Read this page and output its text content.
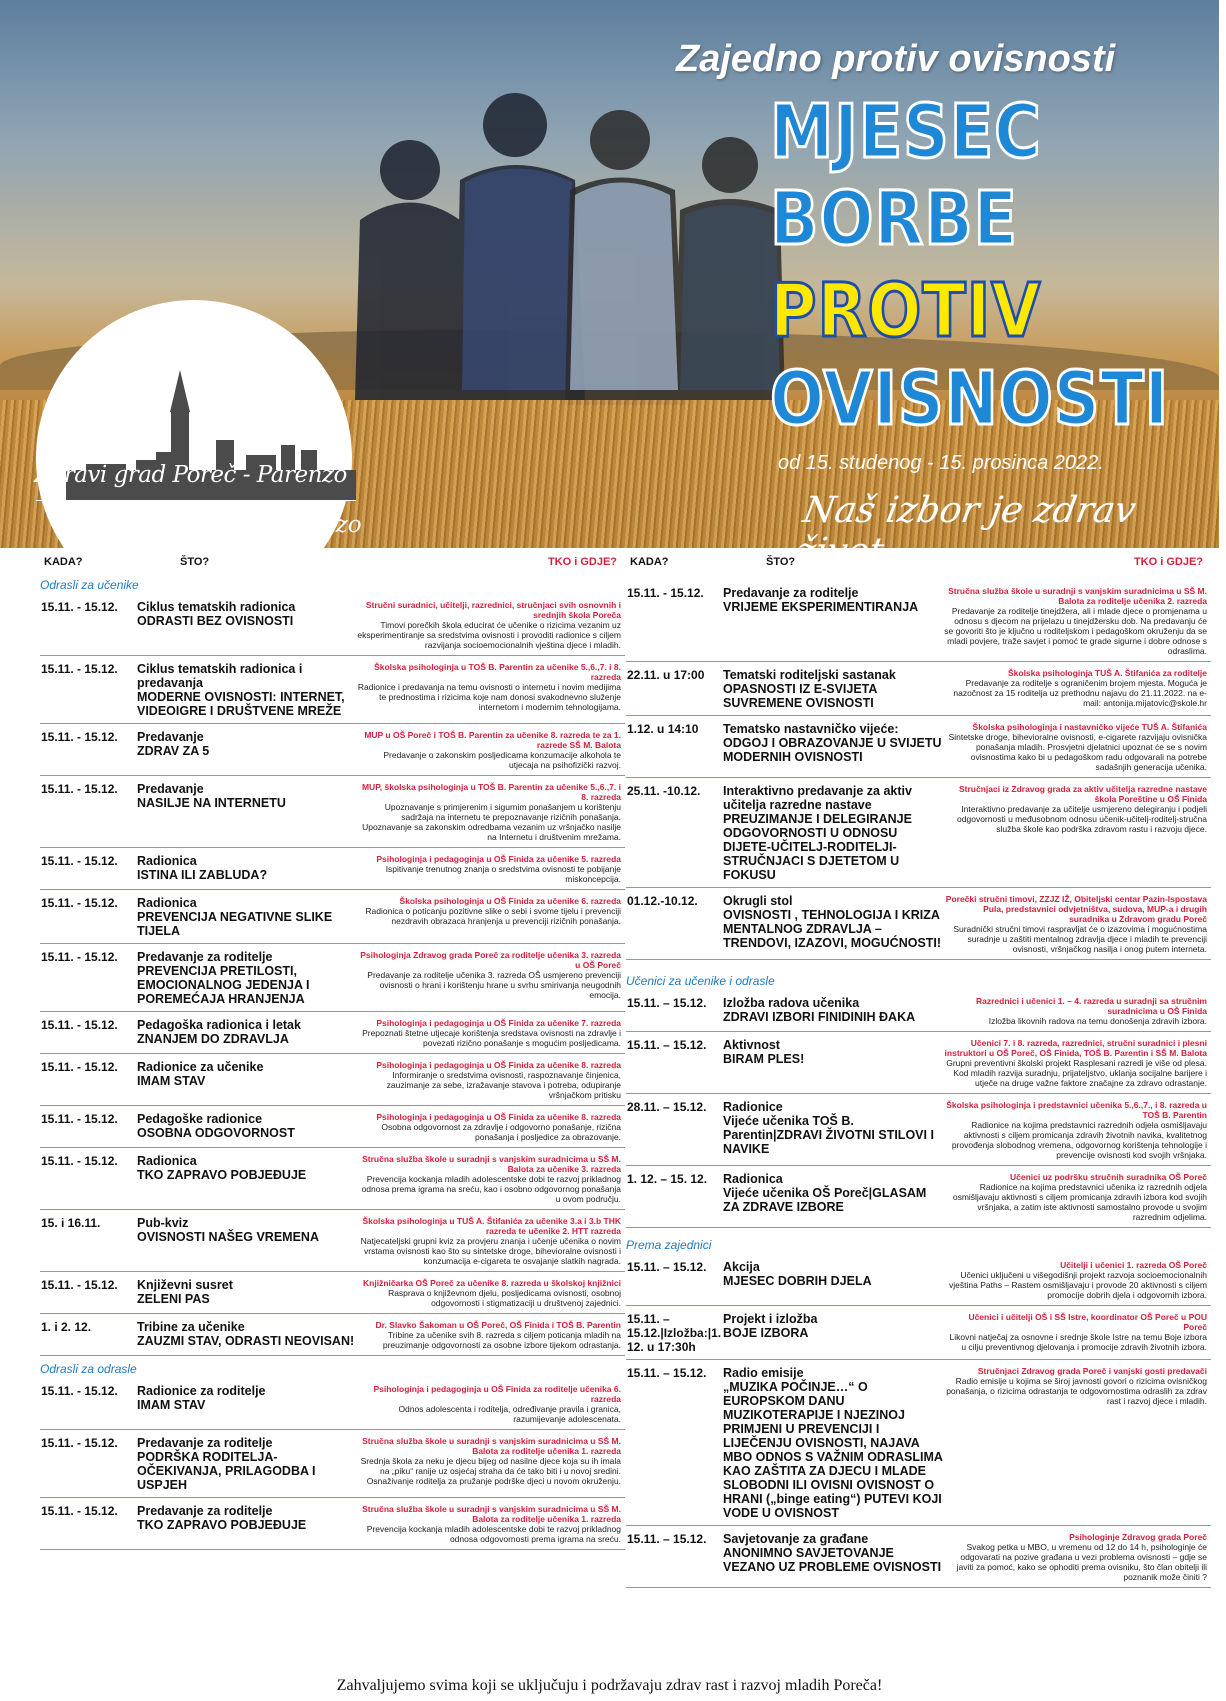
Zdravi grad Poreč - Parenzo
Città sana Poreč - Parenzo
Zajedno protiv ovisnosti
MJESEC
BORBE
PROTIV
OVISNOSTI
od 15. studenog - 15. prosinca 2022.
Naš izbor je zdrav život
KADA?	ŠTO?	TKO i GDJE?
Odrasli za učenike
15.11. - 15.12.	Ciklus tematskih radionica
ODRASTI BEZ OVISNOSTI
Stručni suradnici, učitelji, razrednici, stručnjaci svih osnovnih i srednjih škola Poreča
Timovi porečkih škola educirat će učenike o rizicima vezanim uz eksperimentiranje sa sredstvima ovisnosti i provoditi radionice s ciljem razvijanja socioemocionalnih vještina djece i mladih.
15.11. - 15.12.	Ciklus tematskih radionica i predavanja
MODERNE OVISNOSTI: INTERNET, VIDEOIGRE I DRUŠTVENE MREŽE
Školska psihologinja u TOŠ B. Parentin za učenike 5.,6.,7. i 8. razreda
Radionice i predavanja na temu ovisnosti o internetu i novim medijima te prednostima i rizicima koje nam donosi svakodnevno služenje internetom i modernim tehnologijama.
15.11. - 15.12.	Predavanje
ZDRAV ZA 5
MUP u OŠ Poreč i TOŠ B. Parentin za učenike 8. razreda te za 1. razrede SŠ M. Balota
Predavanje o zakonskim posljedicama konzumacije alkohola te utjecaja na psihofizički razvoj.
15.11. - 15.12.	Predavanje
NASILJE NA INTERNETU
MUP, školska psihologinja u TOŠ B. Parentin za učenike 5.,6.,7. i 8. razreda
Upoznavanje s primjerenim i sigurnim ponašanjem u korištenju sadržaja na internetu te prepoznavanje rizičnih ponašanja. Upoznavanje sa zakonskim odredbama vezanim uz vršnjačko nasilje na Internetu i društvenim mrežama.
15.11. - 15.12.	Radionica
ISTINA ILI ZABLUDA?
Psihologinja i pedagoginja u OŠ Finida za učenike 5. razreda
Ispitivanje trenutnog znanja o sredstvima ovisnosti te pobijanje miskoncepcija.
15.11. - 15.12.	Radionica
PREVENCIJA NEGATIVNE SLIKE TIJELA
Školska psihologinja u OŠ Finida za učenike 6. razreda
Radionica o poticanju pozitivne slike o sebi i svome tijelu i prevenciji nezdravih obrazaca hranjenja u prevenciji rizičnih ponašanja.
15.11. - 15.12.	Predavanje za roditelje
PREVENCIJA PRETILOSTI, EMOCIONALNOG JEDENJA I POREMEĆAJA HRANJENJA
Psihologinja Zdravog grada Poreč za roditelje učenika 3. razreda u OŠ Poreč
Predavanje za roditelje učenika 3. razreda OŠ usmjereno prevenciji ovisnosti o hrani i korištenju hrane u svrhu smirivanja neugodnih emocija.
15.11. - 15.12.	Pedagoška radionica i letak
ZNANJEM DO ZDRAVLJA
Psihologinja i pedagoginja u OŠ Finida za učenike 7. razreda
Prepoznati štetne utjecaje korištenja sredstava ovisnosti na zdravlje i povezati rizično ponašanje s mogućim posljedicama.
15.11. - 15.12.	Radionice za učenike
IMAM STAV
Psihologinja i pedagoginja u OŠ Finida za učenike 8. razreda
Informiranje o sredstvima ovisnosti, raspoznavanje činjenica, zauzimanje za sebe, izražavanje stavova i potreba, odupiranje vršnjačkom pritisku
15.11. - 15.12.	Pedagoške radionice
OSOBNA ODGOVORNOST
Psihologinja i pedagoginja u OŠ Finida za učenike 8. razreda
Osobna odgovornost za zdravlje i odgovorno ponašanje, rizična ponašanja i posljedice za obrazovanje.
15.11. - 15.12.	Radionica
TKO ZAPRAVO POBJEĐUJE
Stručna služba škole u suradnji s vanjskim suradnicima u SŠ M. Balota za učenike 3. razreda
Prevencija kockanja mladih adolescentske dobi te razvoj prikladnog odnosa prema igrama na sreću, kao i osobno odgovornog ponašanja u ovom području.
15. i 16.11.	Pub-kviz
OVISNOSTI NAŠEG VREMENA
Školska psihologinja u TUŠ A. Štifanića za učenike 3.a i 3.b THK razreda te učenike 2. HTT razreda
Natjecateljski grupni kviz za provjeru znanja i učenje učenika o novim vrstama ovisnosti kao što su sintetske droge, bihevioralne ovisnosti i konzumacija e-cigareta te osvajanje slatkih nagrada.
15.11. - 15.12.	Književni susret
ZELENI PAS
Knjižničarka OŠ Poreč za učenike 8. razreda u školskoj knjižnici
Rasprava o književnom djelu, posljedicama ovisnosti, osobnoj odgovornosti i stigmatizaciji u društvenoj zajednici.
1. i 2. 12.	Tribine za učenike
ZAUZMI STAV, ODRASTI NEOVISAN!
Dr. Slavko Šakoman u OŠ Poreč, OŠ Finida i TOŠ B. Parentin
Tribine za učenike svih 8. razreda s ciljem poticanja mladih na preuzimanje odgovornosti za osobne izbore tijekom odrastanja.
Odrasli za odrasle
15.11. - 15.12.	Radionice za roditelje
IMAM STAV
Psihologinja i pedagoginja u OŠ Finida za roditelje učenika 6. razreda
Odnos adolescenta i roditelja, određivanje pravila i granica, razumijevanje adolescenata.
15.11. - 15.12.	Predavanje za roditelje
PODRŠKA RODITELJA-OČEKIVANJA, PRILAGODBA I USPJEH
Stručna služba škole u suradnji s vanjskim suradnicima u SŠ M. Balota za roditelje učenika 1. razreda
Srednja škola za neku je djecu bijeg od nasilne djece koja su ih imala na „piku“ ranije uz osjećaj straha da će tako biti i u novoj sredini. Osnaživanje roditelja za pružanje podrške djeci u novom okruženju.
15.11. - 15.12.	Predavanje za roditelje
TKO ZAPRAVO POBJEĐUJE
Stručna služba škole u suradnji s vanjskim suradnicima u SŠ M. Balota za roditelje učenika 1. razreda
Prevencija kockanja mladih adolescentske dobi te razvoj prikladnog odnosa odgovornosti prema igrama na sreću.
KADA?	ŠTO?	TKO i GDJE?
15.11. - 15.12.	Predavanje za roditelje
VRIJEME EKSPERIMENTIRANJA
Stručna služba škole u suradnji s vanjskim suradnicima u SŠ M. Balota za roditelje učenika 2. razreda
Predavanje za roditelje tinejdžera, ali i mlade djece o promjenama u odnosu s djecom na prijelazu u tinejdžersku dob. Na predavanju će se govoriti što je ključno u roditeljskom i pedagoškom okruženju da se mladi povjere, traže savjet i pomoć te grade sigurne i dobre odnose s odraslima.
22.11. u 17:00	Tematski roditeljski sastanak
OPASNOSTI IZ E-SVIJETA SUVREMENE OVISNOSTI
Školska psihologinja TUŠ A. Štifanića za roditelje
Predavanje za roditelje s ograničenim brojem mjesta. Moguća je nazočnost za 15 roditelja uz prethodnu najavu do 21.11.2022. na e-mail: antonija.mijatovic@skole.hr
1.12. u 14:10	Tematsko nastavničko vijeće:
ODGOJ I OBRAZOVANJE U SVIJETU MODERNIH OVISNOSTI
Školska psihologinja i nastavničko vijeće TUŠ A. Štifanića
Sintetske droge, bihevioralne ovisnosti, e-cigarete razvijaju ovisnička ponašanja mladih. Prosvjetni djelatnici upoznat će se s novim ovisnostima kako bi u pedagoškom radu odgovarali na potrebe sadašnjih generacija učenika.
25.11. -10.12.	Interaktivno predavanje za aktiv učitelja razredne nastave
PREUZIMANJE I DELEGIRANJE ODGOVORNOSTI U ODNOSU DIJETE-UČITELJ-RODITELJI-STRUČNJACI S DJETETOM U FOKUSU
Stručnjaci iz Zdravog grada za aktiv učitelja razredne nastave škola Poreštine u OŠ Finida
Interaktivno predavanje za učitelje usmjereno delegiranju i podjeli odgovornosti u međusobnom odnosu učenik-učitelj-roditelj-stručna služba škole kao podrška zdravom rastu i razvoju djece.
01.12.-10.12.	Okrugli stol
OVISNOSTI , TEHNOLOGIJA I KRIZA MENTALNOG ZDRAVLJA – TRENDOVI, IZAZOVI, MOGUĆNOSTI!
Porečki stručni timovi, ZZJZ IŽ, Obiteljski centar Pazin-Ispostava Pula, predstavnici odvjetništva, sudova, MUP-a i drugih suradnika u Zdravom gradu Poreč
Suradnički stručni timovi raspravljat će o izazovima i mogućnostima suradnje u zaštiti mentalnog zdravlja djece i mladih te prevenciji ovisnosti, vršnjačkog nasilja i onog putem interneta.
Učenici za učenike i odrasle
15.11. – 15.12.	Izložba radova učenika
ZDRAVI IZBORI FINIDINIH ĐAKA
Razrednici i učenici 1. – 4. razreda u suradnji sa stručnim suradnicima u OŠ Finida
Izložba likovnih radova na temu donošenja zdravih izbora.
15.11. – 15.12.	Aktivnost
BIRAM PLES!
Učenici 7. i 8. razreda, razrednici, stručni suradnici i plesni instruktori u OŠ Poreč, OŠ Finida, TOŠ B. Parentin i SŠ M. Balota
Grupni preventivni školski projekt Rasplesani razredi je više od plesa. Kod mladih razvija suradnju, prijateljstvo, uklanja socijalne barijere i utječe na druge važne faktore značajne za zdravo odrastanje.
28.11. – 15.12.	Radionice
Vijeće učenika TOŠ B. Parentin|ZDRAVI ŽIVOTNI STILOVI I NAVIKE
Školska psihologinja i predstavnici učenika 5.,6.,7., i 8. razreda u TOŠ B. Parentin
Radionice na kojima predstavnici razrednih odjela osmišljavaju aktivnosti s ciljem promicanja zdravih životnih navika, kvalitetnog provođenja slobodnog vremena, odgovornog korištenja tehnologije i prevencije ovisnosti kod svojih vršnjaka.
1. 12. – 15. 12.	Radionica
Vijeće učenika OŠ Poreč|GLASAM ZA ZDRAVE IZBORE
Učenici uz podršku stručnih suradnika OŠ Poreč
Radionice na kojima predstavnici učenika iz razrednih odjela osmišljavaju aktivnosti s ciljem promicanja zdravih izbora kod svojih vršnjaka, a zatim iste aktivnosti samostalno provode u svojim razrednim odjelima.
Prema zajednici
15.11. – 15.12.	Akcija
MJESEC DOBRIH DJELA
Učitelji i učenici 1. razreda OŠ Poreč
Učenici uključeni u višegodišnji projekt razvoja socioemocionalnih vještina Paths – Rastem osmišljavaju i provode 20 aktivnosti s ciljem promocije dobrih djela i odgovornih izbora.
15.11. – 15.12.|Izložba:|1. 12. u 17:30h
Projekt i izložba
BOJE IZBORA
Učenici i učitelji OŠ i SŠ Istre, koordinator OŠ Poreč u POU Poreč
Likovni natječaj za osnovne i srednje škole Istre na temu Boje izbora u cilju preventivnog djelovanja i promocije zdravih životnih izbora.
15.11. – 15.12.	Radio emisije
„MUZIKA POČINJE…“ O EUROPSKOM DANU MUZIKOTERAPIJE I NJEZINOJ PRIMJENI U PREVENCIJI I LIJEČENJU OVISNOSTI, NAJAVA MBO ODNOS S VAŽNIM ODRASLIMA KAO ZAŠTITA ZA DJECU I MLADE SLOBODNI ILI OVISNI OVISNOST O HRANI („binge eating“) PUTEVI KOJI VODE U OVISNOST
Stručnjaci Zdravog grada Poreč i vanjski gosti predavači
Radio emisije u kojima se široj javnosti govori o rizicima ovisničkog ponašanja, o rizicima odrastanja te odgovornostima odraslih za zdrav rast i razvoj djece i mladih.
15.11. – 15.12.	Savjetovanje za građane
ANONIMNO SAVJETOVANJE VEZANO UZ PROBLEME OVISNOSTI
Psihologinje Zdravog grada Poreč
Svakog petka u MBO, u vremenu od 12 do 14 h, psihologinje će odgovarati na pozive građana u vezi problema ovisnosti – gdje se javiti za pomoć, kako se ophoditi prema ovisniku, što član obitelji ili poznanik može činiti ?
Zahvaljujemo svima koji se uključuju i podržavaju zdrav rast i razvoj mladih Poreča!
